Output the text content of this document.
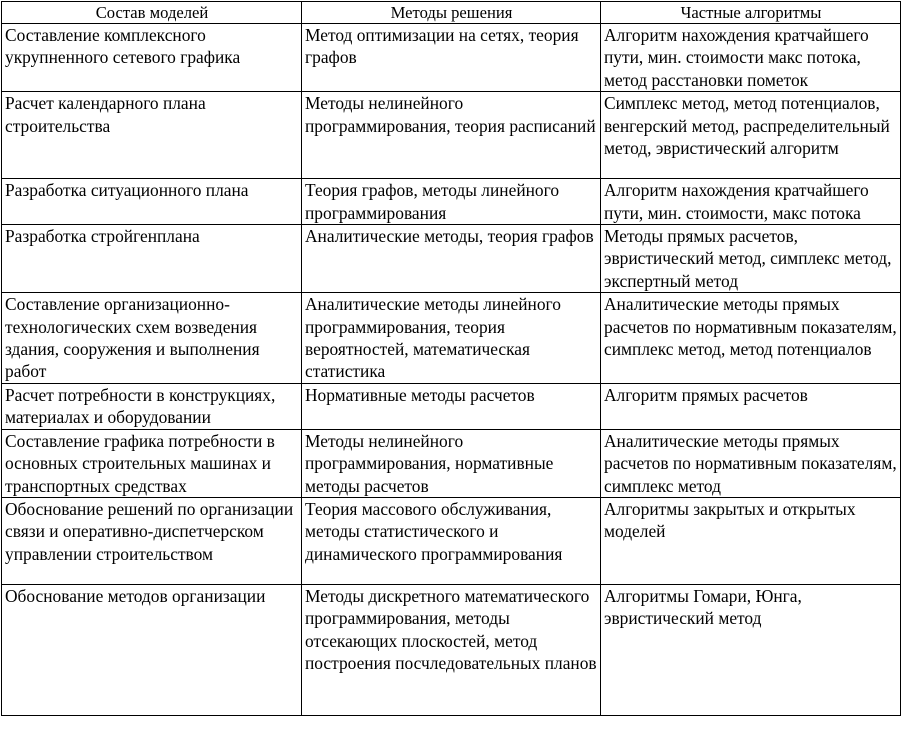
Состав моделей	Методы решения	Частные алгоритмы
Составление комплексного укрупненного сетевого графика	Метод оптимизации на сетях, теория графов	Алгоритм нахождения кратчайшего пути, мин. стоимости макс потока, метод расстановки пометок
Расчет календарного плана строительства	Методы нелинейного программирования, теория расписаний	Симплекс метод, метод потенциалов, венгерский метод, распределительный метод, эвристический алгоритм
Разработка ситуационного плана	Теория графов, методы линейного программирования	Алгоритм нахождения кратчайшего пути, мин. стоимости, макс потока
Разработка стройгенплана	Аналитические методы, теория графов	Методы прямых расчетов, эвристический метод, симплекс метод, экспертный метод
Составление организационно-технологических схем возведения здания, сооружения и выполнения работ	Аналитические методы линейного программирования, теория вероятностей, математическая статистика	Аналитические методы прямых расчетов по нормативным показателям, симплекс метод, метод потенциалов
Расчет потребности в конструкциях, материалах и оборудовании	Нормативные методы расчетов	Алгоритм прямых расчетов
Составление графика потребности в основных строительных машинах и транспортных средствах	Методы нелинейного программирования, нормативные методы расчетов	Аналитические методы прямых расчетов по нормативным показателям, симплекс метод
Обоснование решений по организации связи и оперативно-диспетчерском управлении строительством	Теория массового обслуживания, методы статистического и динамического программирования	Алгоритмы закрытых и открытых моделей
Обоснование методов организации	Методы дискретного математического программирования, методы отсекающих плоскостей, метод построения посчледовательных планов	Алгоритмы Гомари, Юнга, эвристический метод
